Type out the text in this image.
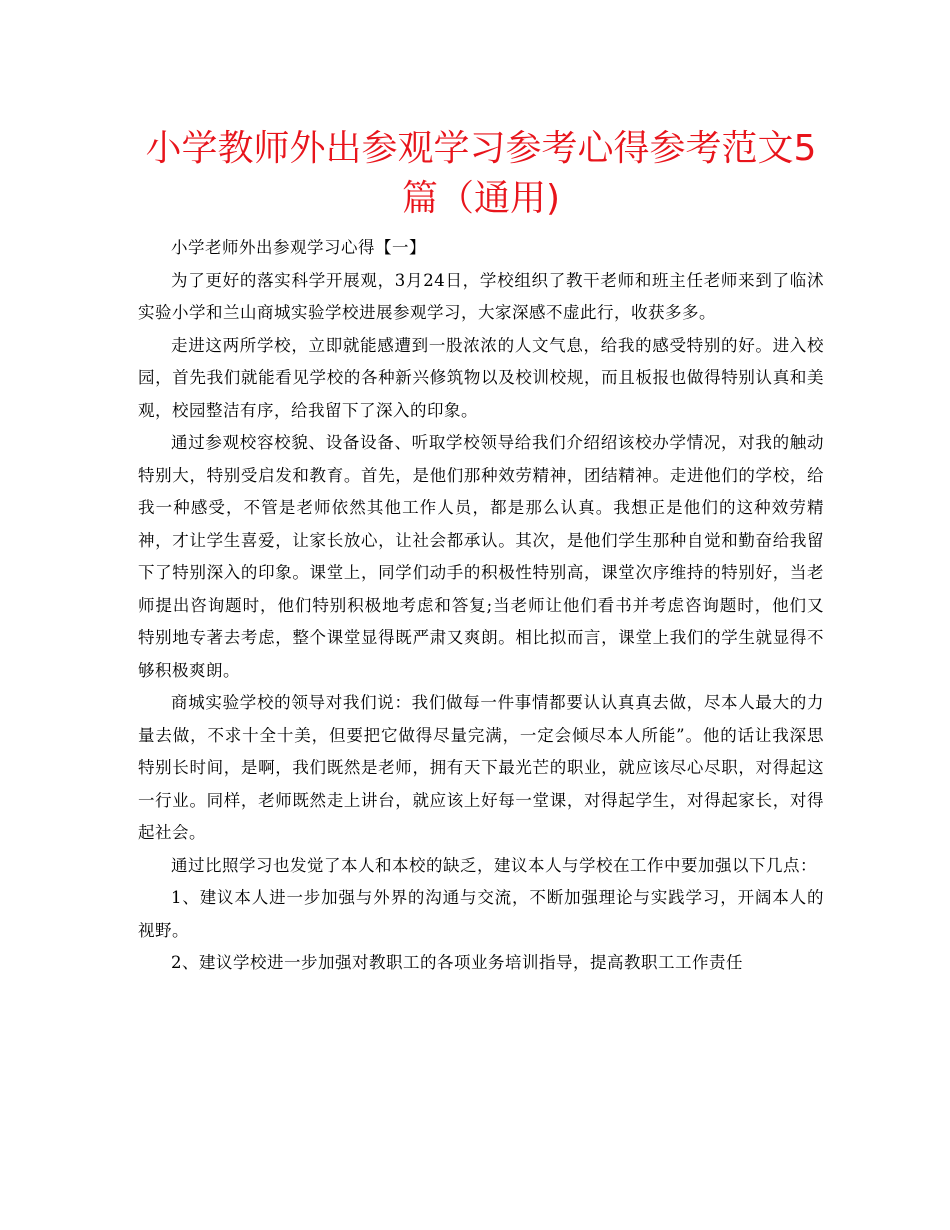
小学教师外出参观学习参考心得参考范文5篇（通用)

小学老师外出参观学习心得【一】

为了更好的落实科学开展观，3月24日，学校组织了教干老师和班主任老师来到了临沭实验小学和兰山商城实验学校进展参观学习，大家深感不虚此行，收获多多。

走进这两所学校，立即就能感遭到一股浓浓的人文气息，给我的感受特别的好。进入校园，首先我们就能看见学校的各种新兴修筑物以及校训校规，而且板报也做得特别认真和美观，校园整洁有序，给我留下了深入的印象。

通过参观校容校貌、设备设备、听取学校领导给我们介绍绍该校办学情况，对我的触动特别大，特别受启发和教育。首先，是他们那种效劳精神，团结精神。走进他们的学校，给我一种感受，不管是老师依然其他工作人员，都是那么认真。我想正是他们的这种效劳精神，才让学生喜爱，让家长放心，让社会都承认。其次，是他们学生那种自觉和勤奋给我留下了特别深入的印象。课堂上，同学们动手的积极性特别高，课堂次序维持的特别好，当老师提出咨询题时，他们特别积极地考虑和答复;当老师让他们看书并考虑咨询题时，他们又特别地专著去考虑，整个课堂显得既严肃又爽朗。相比拟而言，课堂上我们的学生就显得不够积极爽朗。

商城实验学校的领导对我们说：我们做每一件事情都要认认真真去做，尽本人最大的力量去做，不求十全十美，但要把它做得尽量完满，一定会倾尽本人所能”。他的话让我深思特别长时间，是啊，我们既然是老师，拥有天下最光芒的职业，就应该尽心尽职，对得起这一行业。同样，老师既然走上讲台，就应该上好每一堂课，对得起学生，对得起家长，对得起社会。

通过比照学习也发觉了本人和本校的缺乏，建议本人与学校在工作中要加强以下几点：

1、建议本人进一步加强与外界的沟通与交流，不断加强理论与实践学习，开阔本人的视野。

2、建议学校进一步加强对教职工的各项业务培训指导，提高教职工工作责任
